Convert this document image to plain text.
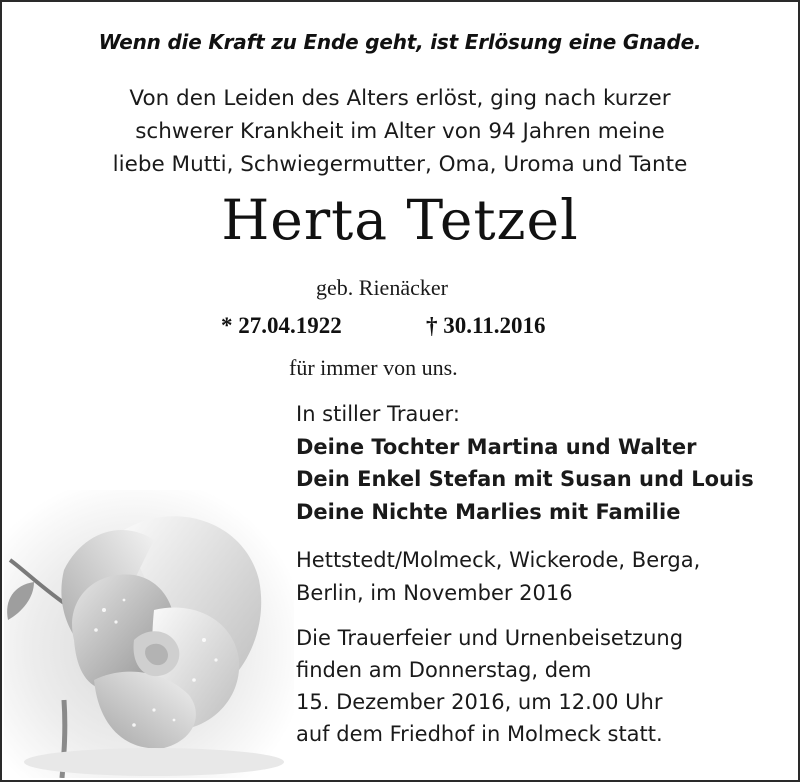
Wenn die Kraft zu Ende geht, ist Erlösung eine Gnade.
Von den Leiden des Alters erlöst, ging nach kurzer
schwerer Krankheit im Alter von 94 Jahren meine
liebe Mutti, Schwiegermutter, Oma, Uroma und Tante
Herta Tetzel
geb. Rienäcker
* 27.04.1922	† 30.11.2016
für immer von uns.
In stiller Trauer:
Deine Tochter Martina und Walter
Dein Enkel Stefan mit Susan und Louis
Deine Nichte Marlies mit Familie
Hettstedt/Molmeck, Wickerode, Berga,
Berlin, im November 2016
Die Trauerfeier und Urnenbeisetzung
finden am Donnerstag, dem
15. Dezember 2016, um 12.00 Uhr
auf dem Friedhof in Molmeck statt.
